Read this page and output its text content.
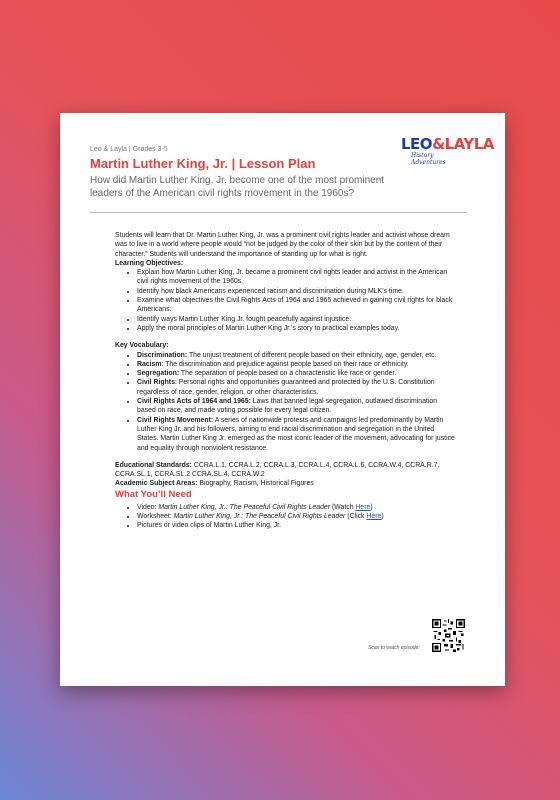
Leo & Layla | Grades 3-5
Martin Luther King, Jr. | Lesson Plan
How did Martin Luther King, Jr. become one of the most prominent leaders of the American civil rights movement in the 1960s?
LEO&LAYLA
History Adventures

Students will learn that Dr. Martin Luther King, Jr. was a prominent civil rights leader and activist whose dream was to live in a world where people would “not be judged by the color of their skin but by the content of their character.” Students will understand the importance of standing up for what is right.

Learning Objectives:

• Explain how Martin Luther King, Jr. became a prominent civil rights leader and activist in the American civil rights movement of the 1960s.
• Identify how black Americans experienced racism and discrimination during MLK’s time.
• Examine what objectives the Civil Rights Acts of 1964 and 1965 achieved in gaining civil rights for black Americans.
• Identify ways Martin Luther King Jr. fought peacefully against injustice.
• Apply the moral principles of Martin Luther King Jr.’s story to practical examples today.

Key Vocabulary:

• Discrimination: The unjust treatment of different people based on their ethnicity, age, gender, etc.
• Racism: The discrimination and prejudice against people based on their race or ethnicity.
• Segregation: The separation of people based on a characteristic like race or gender.
• Civil Rights: Personal rights and opportunities guaranteed and protected by the U.S. Constitution regardless of race, gender, religion, or other characteristics.
• Civil Rights Acts of 1964 and 1965: Laws that banned legal segregation, outlawed discrimination based on race, and made voting possible for every legal citizen.
• Civil Rights Movement: A series of nationwide protests and campaigns led predominantly by Martin Luther King Jr. and his followers, aiming to end racial discrimination and segregation in the United States. Martin Luther King Jr. emerged as the most iconic leader of the movement, advocating for justice and equality through nonviolent resistance.

Educational Standards: CCRA.L.1, CCRA.L.2, CCRA.L.3, CCRA.L.4, CCRA.L.6, CCRA.W.4, CCRA.R.7, CCRA.SL.1, CCRA.SL.2 CCRA.SL.4, CCRA.W.2

Academic Subject Areas: Biography, Racism, Historical Figures

What You’ll Need
• Video: Martin Luther King, Jr.: The Peaceful Civil Rights Leader (Watch Here)
• Worksheet: Martin Luther King, Jr.: The Peaceful Civil Rights Leader (Click Here)
• Pictures or video clips of Martin Luther King, Jr.
Scan to watch episode:
